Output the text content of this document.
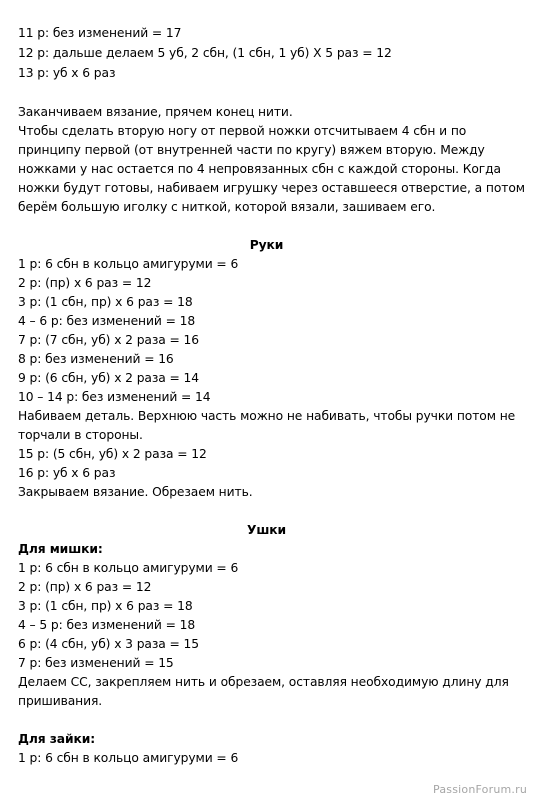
11 р: без изменений = 17
12 р: дальше делаем 5 уб, 2 сбн, (1 сбн, 1 уб) X 5 раз = 12
13 р: уб х 6 раз
Заканчиваем вязание, прячем конец нити.
Чтобы сделать вторую ногу от первой ножки отсчитываем 4 сбн и по
принципу первой (от внутренней части по кругу) вяжем вторую. Между
ножками у нас остается по 4 непровязанных сбн с каждой стороны. Когда
ножки будут готовы, набиваем игрушку через оставшееся отверстие, а потом
берём большую иголку с ниткой, которой вязали, зашиваем его.
Руки
1 р: 6 сбн в кольцо амигуруми = 6
2 р: (пр) х 6 раз = 12
3 р: (1 сбн, пр) х 6 раз = 18
4 – 6 р: без изменений = 18
7 р: (7 сбн, уб) х 2 раза = 16
8 р: без изменений = 16
9 р: (6 сбн, уб) х 2 раза = 14
10 – 14 р: без изменений = 14
Набиваем деталь. Верхнюю часть можно не набивать, чтобы ручки потом не
торчали в стороны.
15 р: (5 сбн, уб) х 2 раза = 12
16 р: уб х 6 раз
Закрываем вязание. Обрезаем нить.
Ушки
Для мишки:
1 р: 6 сбн в кольцо амигуруми = 6
2 р: (пр) х 6 раз = 12
3 р: (1 сбн, пр) х 6 раз = 18
4 – 5 р: без изменений = 18
6 р: (4 сбн, уб) х 3 раза = 15
7 р: без изменений = 15
Делаем СС, закрепляем нить и обрезаем, оставляя необходимую длину для
пришивания.
Для зайки:
1 р: 6 сбн в кольцо амигуруми = 6
PassionForum.ru
